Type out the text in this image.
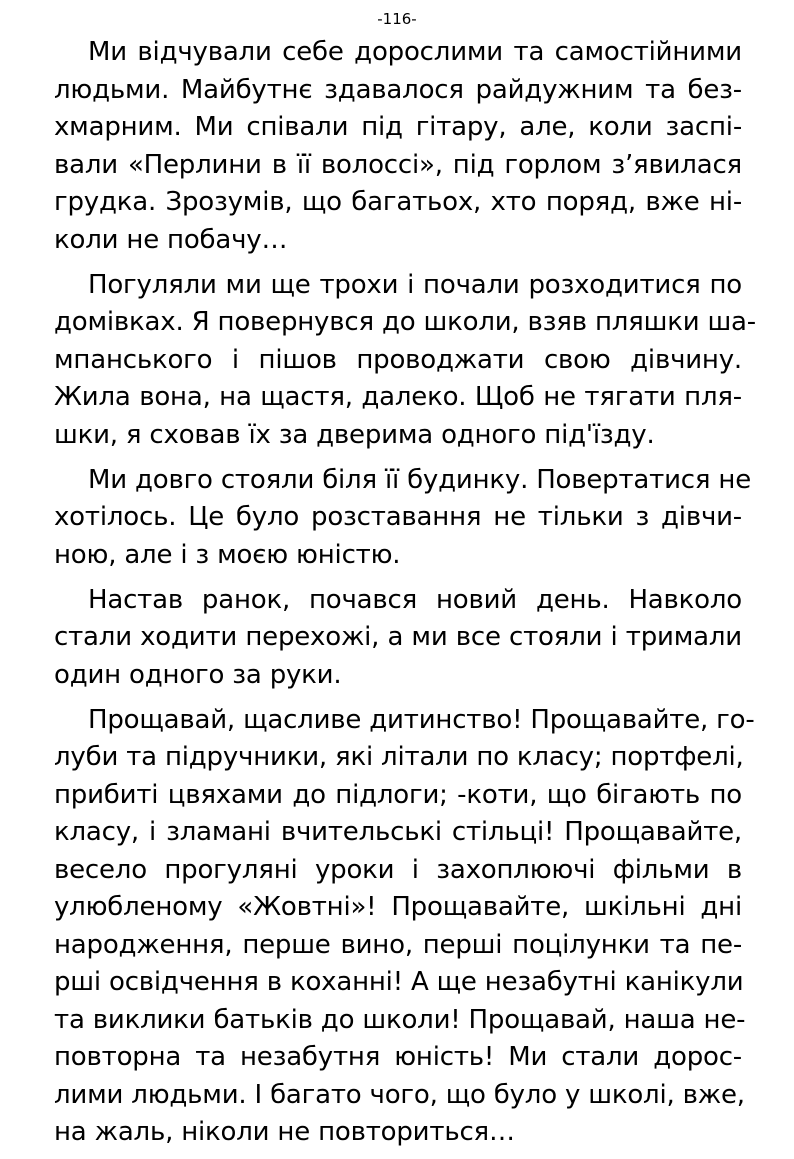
-116-
Ми відчували себе дорослими та самостійними
людьми. Майбутнє здавалося райдужним та без-
хмарним. Ми співали під гітару, але, коли заспі-
вали «Перлини в її волоссі», під горлом з’явилася
грудка. Зрозумів, що багатьох, хто поряд, вже ні-
коли не побачу…
Погуляли ми ще трохи і почали розходитися по
домівках. Я повернувся до школи, взяв пляшки ша-
мпанського і пішов проводжати свою дівчину.
Жила вона, на щастя, далеко. Щоб не тягати пля-
шки, я сховав їх за дверима одного під'їзду.
Ми довго стояли біля її будинку. Повертатися не
хотілось. Це було розставання не тільки з дівчи-
ною, але і з моєю юністю.
Настав ранок, почався новий день. Навколо
стали ходити перехожі, а ми все стояли і тримали
один одного за руки.
Прощавай, щасливе дитинство! Прощавайте, го-
луби та підручники, які літали по класу; портфелі,
прибиті цвяхами до підлоги; -коти, що бігають по
класу, і зламані вчительські стільці! Прощавайте,
весело прогуляні уроки і захоплюючі фільми в
улюбленому «Жовтні»! Прощавайте, шкільні дні
народження, перше вино, перші поцілунки та пе-
рші освідчення в коханні! А ще незабутні канікули
та виклики батьків до школи! Прощавай, наша не-
повторна та незабутня юність! Ми стали дорос-
лими людьми. І багато чого, що було у школі, вже,
на жаль, ніколи не повториться…
